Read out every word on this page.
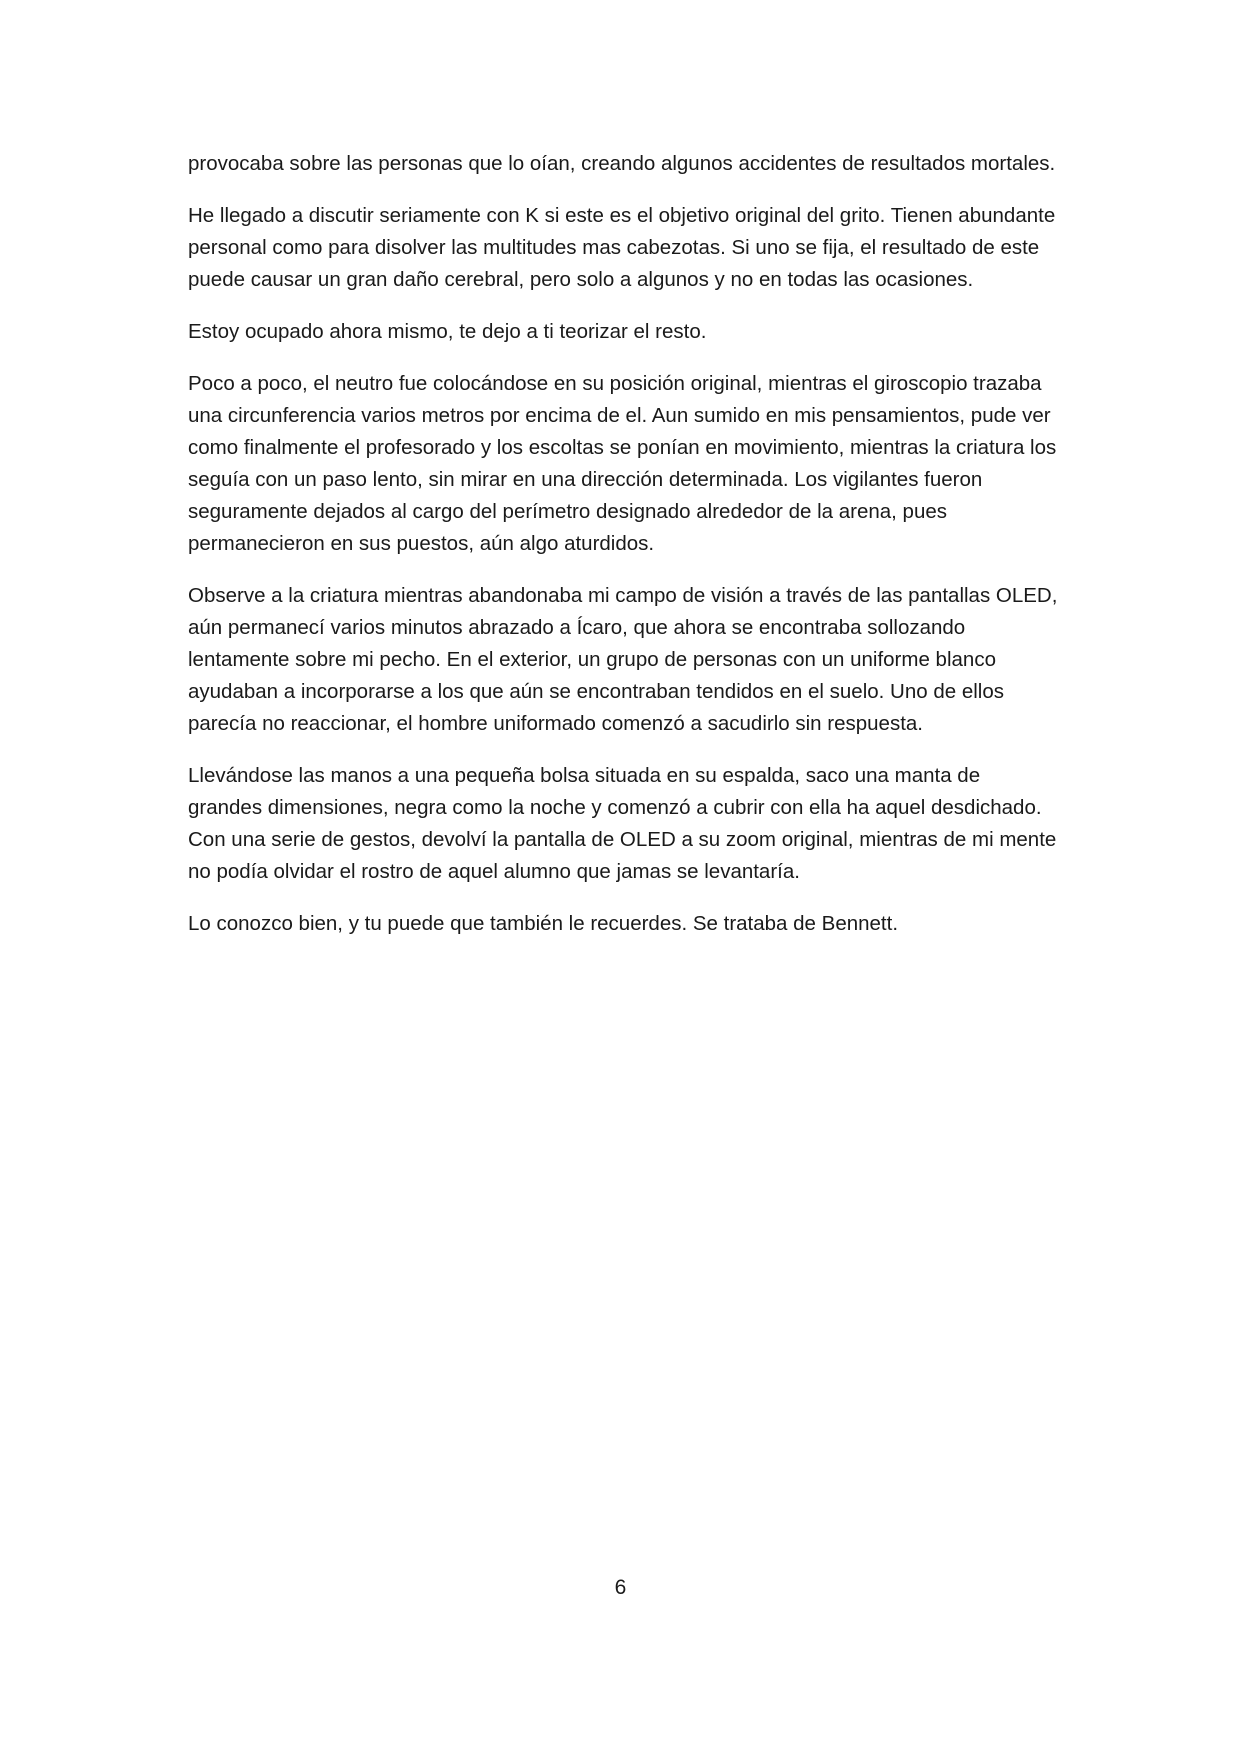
provocaba sobre las personas que lo oían, creando algunos accidentes de resultados mortales.

He llegado a discutir seriamente con K si este es el objetivo original del grito. Tienen abundante personal como para disolver las multitudes mas cabezotas. Si uno se fija, el resultado de este puede causar un gran daño cerebral, pero solo a algunos y no en todas las ocasiones.

Estoy ocupado ahora mismo, te dejo a ti teorizar el resto.

Poco a poco, el neutro fue colocándose en su posición original, mientras el giroscopio trazaba una circunferencia varios metros por encima de el. Aun sumido en mis pensamientos, pude ver como finalmente el profesorado y los escoltas se ponían en movimiento, mientras la criatura los seguía con un paso lento, sin mirar en una dirección determinada. Los vigilantes fueron seguramente dejados al cargo del perímetro designado alrededor de la arena, pues permanecieron en sus puestos, aún algo aturdidos.

Observe a la criatura mientras abandonaba mi campo de visión a través de las pantallas OLED, aún permanecí varios minutos abrazado a Ícaro, que ahora se encontraba sollozando lentamente sobre mi pecho. En el exterior, un grupo de personas con un uniforme blanco ayudaban a incorporarse a los que aún se encontraban tendidos en el suelo. Uno de ellos parecía no reaccionar, el hombre uniformado comenzó a sacudirlo sin respuesta.

Llevándose las manos a una pequeña bolsa situada en su espalda, saco una manta de grandes dimensiones, negra como la noche y comenzó a cubrir con ella ha aquel desdichado. Con una serie de gestos, devolví la pantalla de OLED a su zoom original, mientras de mi mente no podía olvidar el rostro de aquel alumno que jamas se levantaría.

Lo conozco bien, y tu puede que también le recuerdes. Se trataba de Bennett.

6
